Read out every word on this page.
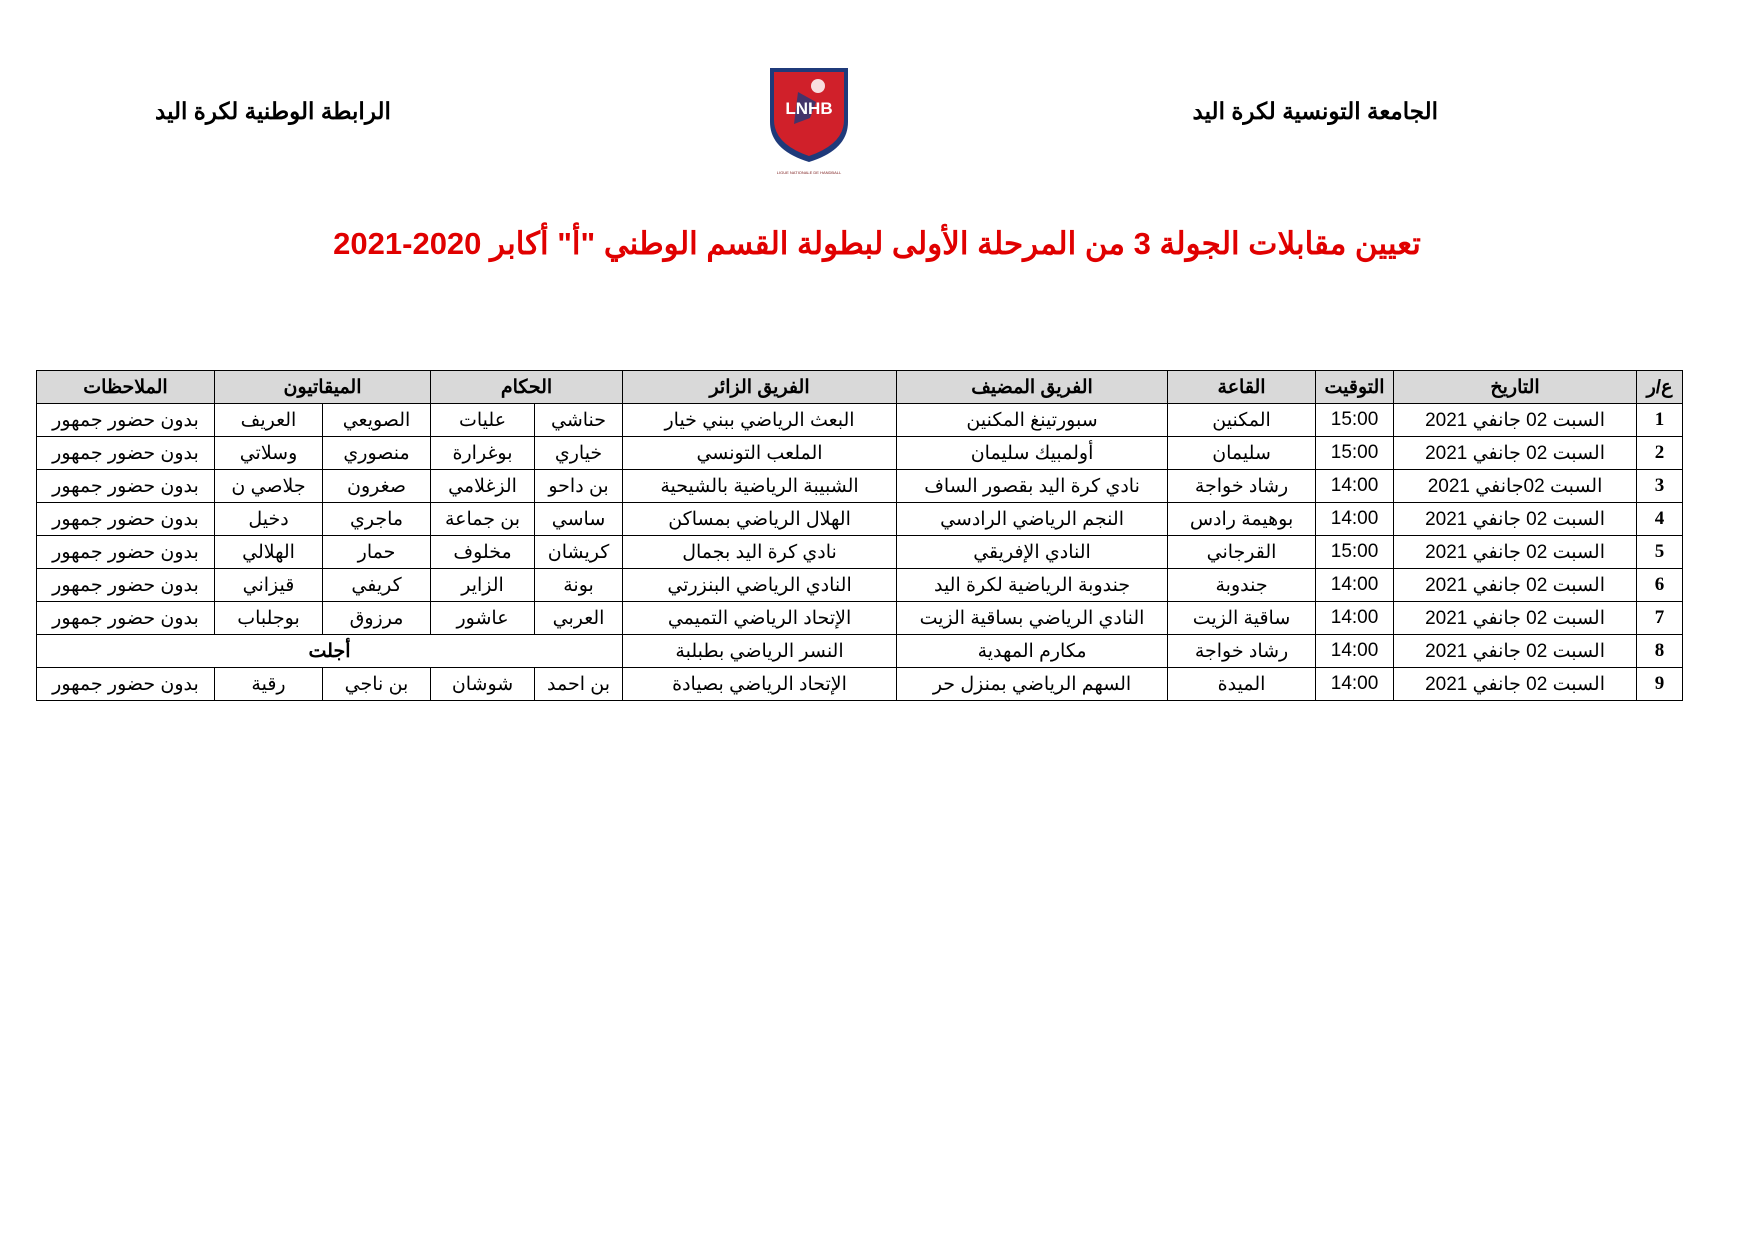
الجامعة التونسية لكرة اليد
الرابطة الوطنية لكرة اليد	LNHB
LIGUE NATIONALE DE HANDBALL
تعيين مقابلات الجولة 3 من المرحلة الأولى لبطولة القسم الوطني "أ" أكابر 2020-2021
ع/ر	التاريخ	التوقيت	القاعة	الفريق المضيف	الفريق الزائر	الحكام		الميقاتيون		الملاحظات
1	السبت 02 جانفي 2021	15:00	المكنين	سبورتينغ المكنين	البعث الرياضي ببني خيار	حناشي	عليات	الصويعي	العريف	بدون حضور جمهور
2	السبت 02 جانفي 2021	15:00	سليمان	أولمبيك سليمان	الملعب التونسي	خياري	بوغرارة	منصوري	وسلاتي	بدون حضور جمهور
3	السبت 02جانفي 2021	14:00	رشاد خواجة	نادي كرة اليد بقصور الساف	الشبيبة الرياضية بالشيحية	بن داحو	الزغلامي	صغرون	جلاصي ن	بدون حضور جمهور
4	السبت 02 جانفي 2021	14:00	بوهيمة رادس	النجم الرياضي الرادسي	الهلال الرياضي بمساكن	ساسي	بن جماعة	ماجري	دخيل	بدون حضور جمهور
5	السبت 02 جانفي 2021	15:00	القرجاني	النادي الإفريقي	نادي كرة اليد بجمال	كريشان	مخلوف	حمار	الهلالي	بدون حضور جمهور
6	السبت 02 جانفي 2021	14:00	جندوبة	جندوبة الرياضية لكرة اليد	النادي الرياضي البنزرتي	بونة	الزاير	كريفي	قيزاني	بدون حضور جمهور
7	السبت 02 جانفي 2021	14:00	ساقية الزيت	النادي الرياضي بساقية الزيت	الإتحاد الرياضي التميمي	العربي	عاشور	مرزوق	بوجلباب	بدون حضور جمهور
8	السبت 02 جانفي 2021	14:00	رشاد خواجة	مكارم المهدية	النسر الرياضي بطبلبة	أجلت				
9	السبت 02 جانفي 2021	14:00	الميدة	السهم الرياضي بمنزل حر	الإتحاد الرياضي بصيادة	بن احمد	شوشان	بن ناجي	رقية	بدون حضور جمهور
